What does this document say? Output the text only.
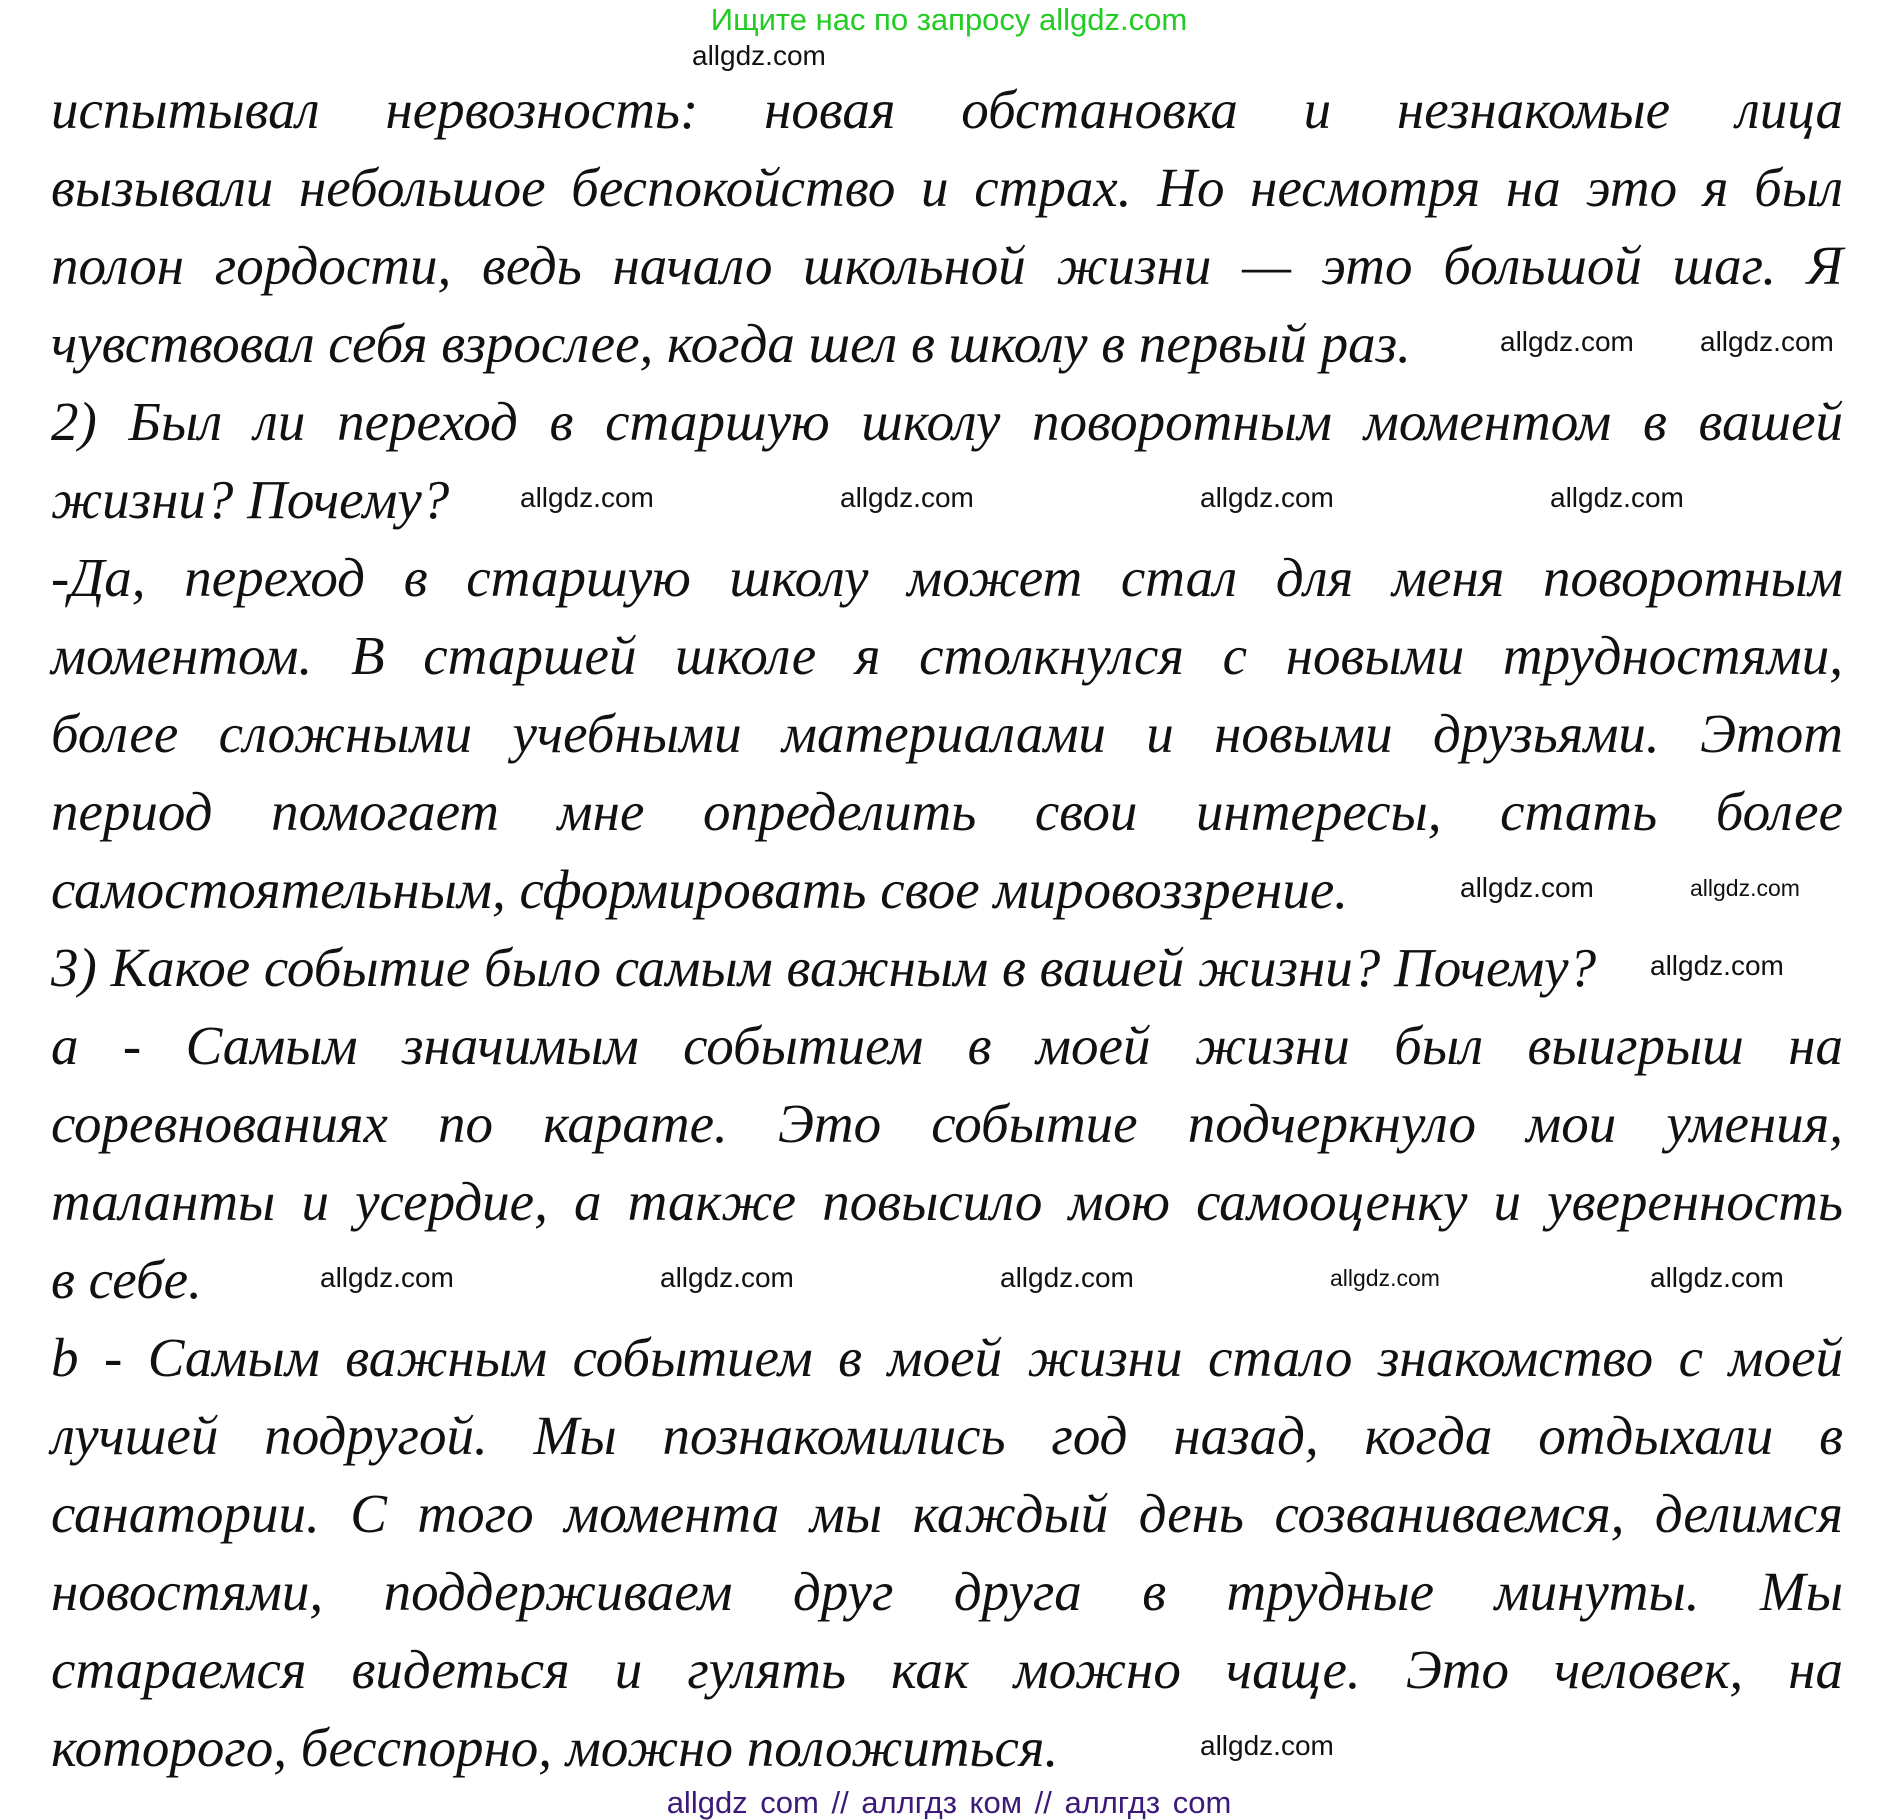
Ищите нас по запросу allgdz.com
испытывал нервозность: новая обстановка и незнакомые лица
вызывали небольшое беспокойство и страх. Но несмотря на это я был
полон гордости, ведь начало школьной жизни — это большой шаг. Я
чувствовал себя взрослее, когда шел в школу в первый раз.
2) Был ли переход в старшую школу поворотным моментом в вашей
жизни? Почему?
-Да, переход в старшую школу может стал для меня поворотным
моментом. В старшей школе я столкнулся с новыми трудностями,
более сложными учебными материалами и новыми друзьями. Этот
период помогает мне определить свои интересы, стать более
самостоятельным, сформировать свое мировоззрение.
3) Какое событие было самым важным в вашей жизни? Почему?
a - Самым значимым событием в моей жизни был выигрыш на
соревнованиях по карате. Это событие подчеркнуло мои умения,
таланты и усердие, а также повысило мою самооценку и уверенность
в себе.
b - Самым важным событием в моей жизни стало знакомство с моей
лучшей подругой. Мы познакомились год назад, когда отдыхали в
санатории. С того момента мы каждый день созваниваемся, делимся
новостями, поддерживаем друг друга в трудные минуты. Мы
стараемся видеться и гулять как можно чаще. Это человек, на
которого, бесспорно, можно положиться.
allgdz.com
allgdz.com allgdz.com
allgdz.com	allgdz.com	allgdz.com	allgdz.com
allgdz.com	allgdz.com
allgdz.com
allgdz.com	allgdz.com	allgdz.com	allgdz.com	allgdz.com
allgdz.com
allgdz com // аллгдз ком // аллгдз com
